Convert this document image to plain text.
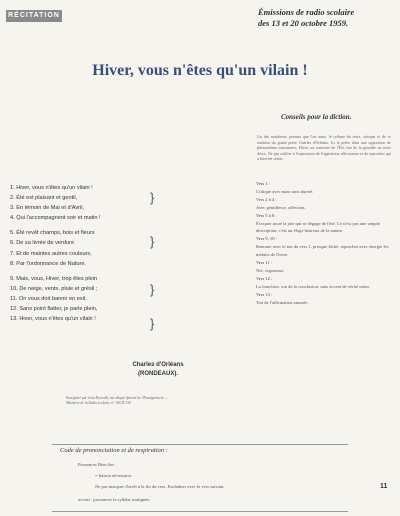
RÉCITATION	Émissions de radio scolaire
des 13 et 20 octobre 1959.
Hiver, vous n'êtes qu'un vilain !
Conseils pour la diction.
Un des nombreux poèmes que l'on aime, le rythme du texte, critique et de ce rondeau du grand poète Charles d'Orléans. Ici le poète dans une opposition de phénomènes saisonniers, Hiver, au contraire de l'Été, fait de la grisaille un triste décor. Ne pas oublier à l'expression de l'opposition affectueuse et de reproches qui a bien été sentie.
1. Hiver, vous n'êtes qu'un vilain !
2. Été est plaisant et gentil,
3. En témoin de Mai et d'Avril,
4. Qui l'accompagnent soir et matin !
5. Été revêt champs, bois et fleurs
6. De sa livrée de verdure
7. Et de maintes autres couleurs,
8. Par l'ordonnance de Nature.
9. Mais, vous, Hiver, trop êtes plein
10. De neige, vents, pluie et grésil ;
11. On vous doit bannir en exil.
12. Sans point flatter, je parle plein,
13. Hiver, vous n'êtes qu'un vilain !
}
}
}
}
Charles d'Orléans
(RONDEAUX).
Enregistré par Jean Doerulle, sur disque Spécial de l'Enseignement — Ministère de la Radio scolaire, n° 106 D 330.
Vers 1 :
Critique avec mais sans dureté.
Vers 2 à 4 :
Avec gentillesse, affection.
Vers 5 à 8 :
Évoquer toute la joie qui se dégage de l'été. Ce n'est pas une simple description, c'est un éloge heureux de la nature.
Vers 9, 10 :
Renouer avec le ton du vers 1, presque fâché, reprocher avec énergie les méfaits de l'hiver.
Vers 11 :
Net, vigoureux.
Vers 12 :
La franchise, ton de la conclusion, sans accent de vérité naïve.
Vers 13 :
Ton de l'affirmation amusée.
Code de prononciation et de respiration :
Prononcer Bien lier
= liaison nécessaire.
Ne pas marquer d'arrêt à la fin du vers. Enchaîner avec le vers suivant.
accent : prononcer la syllabe soulignée.
11
